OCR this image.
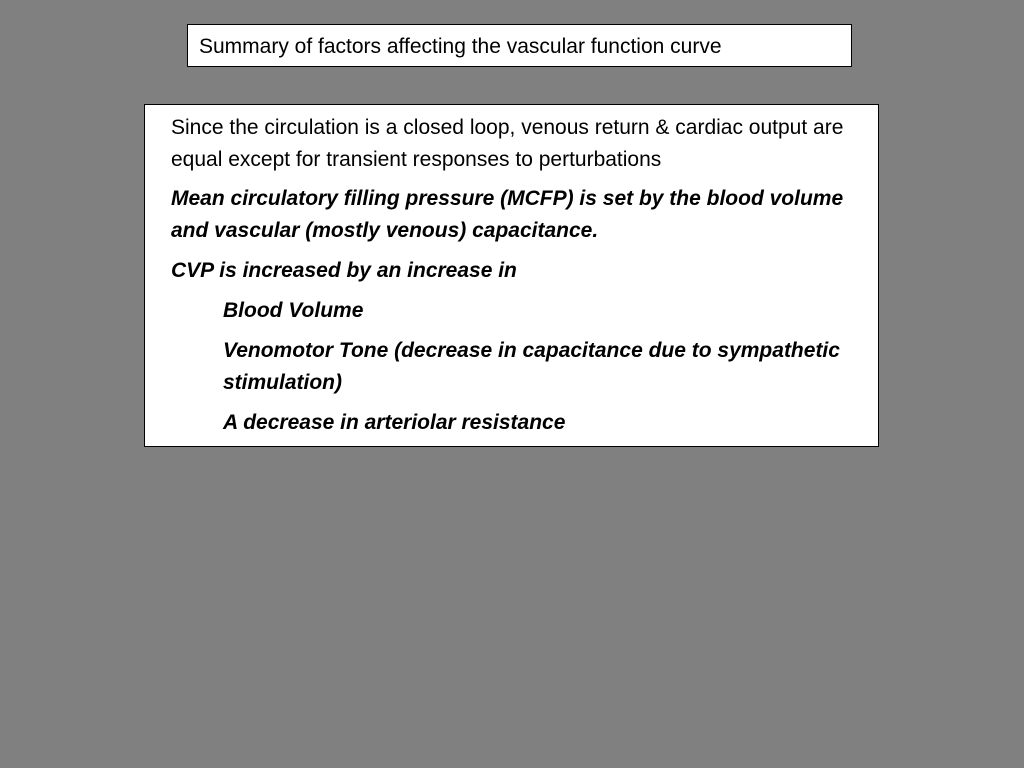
Summary of factors affecting the vascular function curve

Since the circulation is a closed loop, venous return & cardiac output are equal except for transient responses to perturbations

Mean circulatory filling pressure (MCFP) is set by the blood volume and vascular (mostly venous) capacitance.

CVP is increased by an increase in

Blood Volume

Venomotor Tone (decrease in capacitance due to sympathetic stimulation)

A decrease in arteriolar resistance
